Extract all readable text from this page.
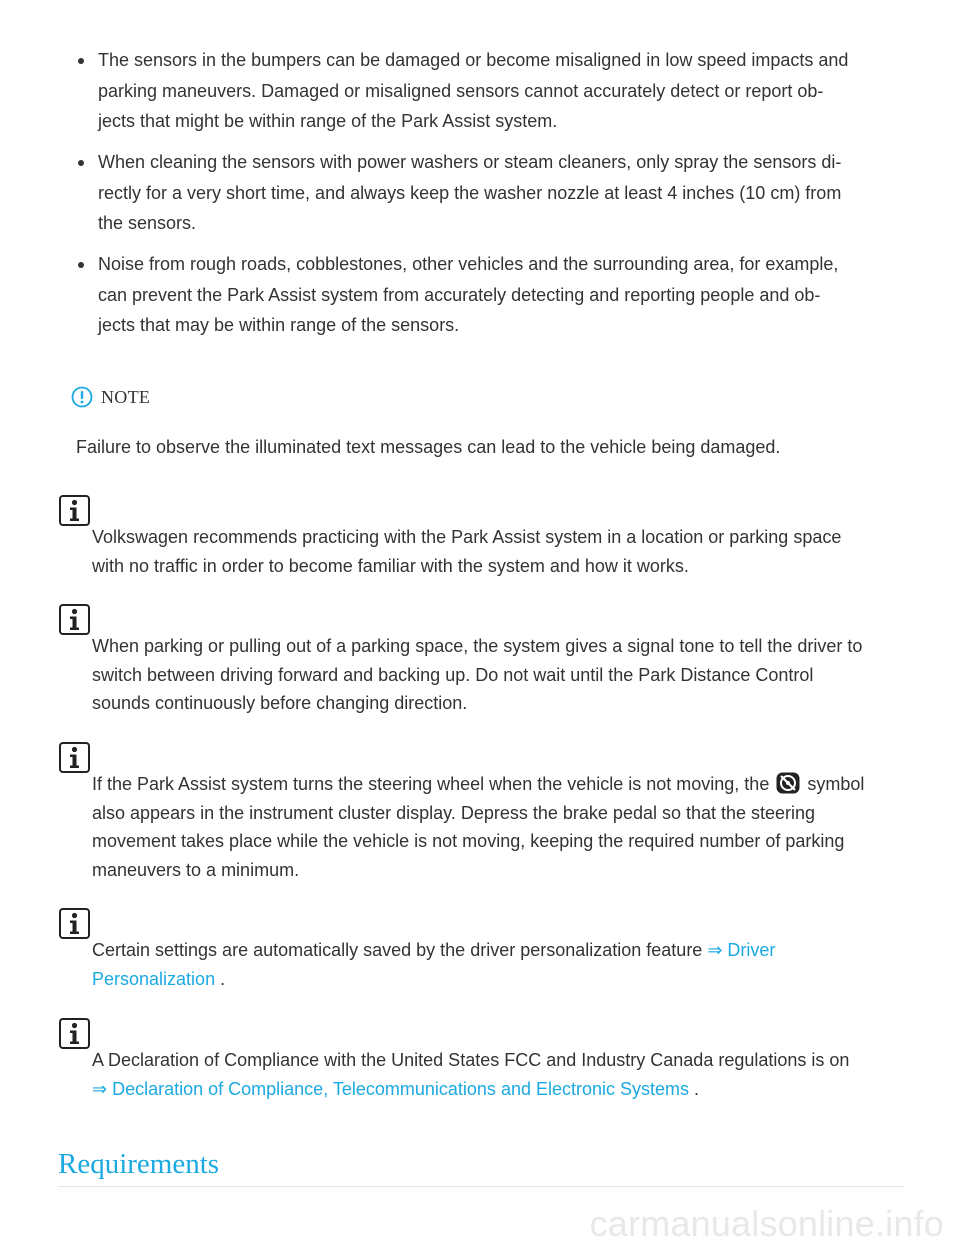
The sensors in the bumpers can be damaged or become misaligned in low speed impacts and
parking maneuvers. Damaged or misaligned sensors cannot accurately detect or report ob-
jects that might be within range of the Park Assist system.
When cleaning the sensors with power washers or steam cleaners, only spray the sensors di-
rectly for a very short time, and always keep the washer nozzle at least 4 inches (10 cm) from
the sensors.
Noise from rough roads, cobblestones, other vehicles and the surrounding area, for example,
can prevent the Park Assist system from accurately detecting and reporting people and ob-
jects that may be within range of the sensors.
NOTE
Failure to observe the illuminated text messages can lead to the vehicle being damaged.
Volkswagen recommends practicing with the Park Assist system in a location or parking space
with no traffic in order to become familiar with the system and how it works.
When parking or pulling out of a parking space, the system gives a signal tone to tell the driver to
switch between driving forward and backing up. Do not wait until the Park Distance Control
sounds continuously before changing direction.
If the Park Assist system turns the steering wheel when the vehicle is not moving, the symbol
also appears in the instrument cluster display. Depress the brake pedal so that the steering
movement takes place while the vehicle is not moving, keeping the required number of parking
maneuvers to a minimum.
Certain settings are automatically saved by the driver personalization feature ⇒ Driver
Personalization .
A Declaration of Compliance with the United States FCC and Industry Canada regulations is on
⇒ Declaration of Compliance, Telecommunications and Electronic Systems .
Requirements
carmanualsonline.info
